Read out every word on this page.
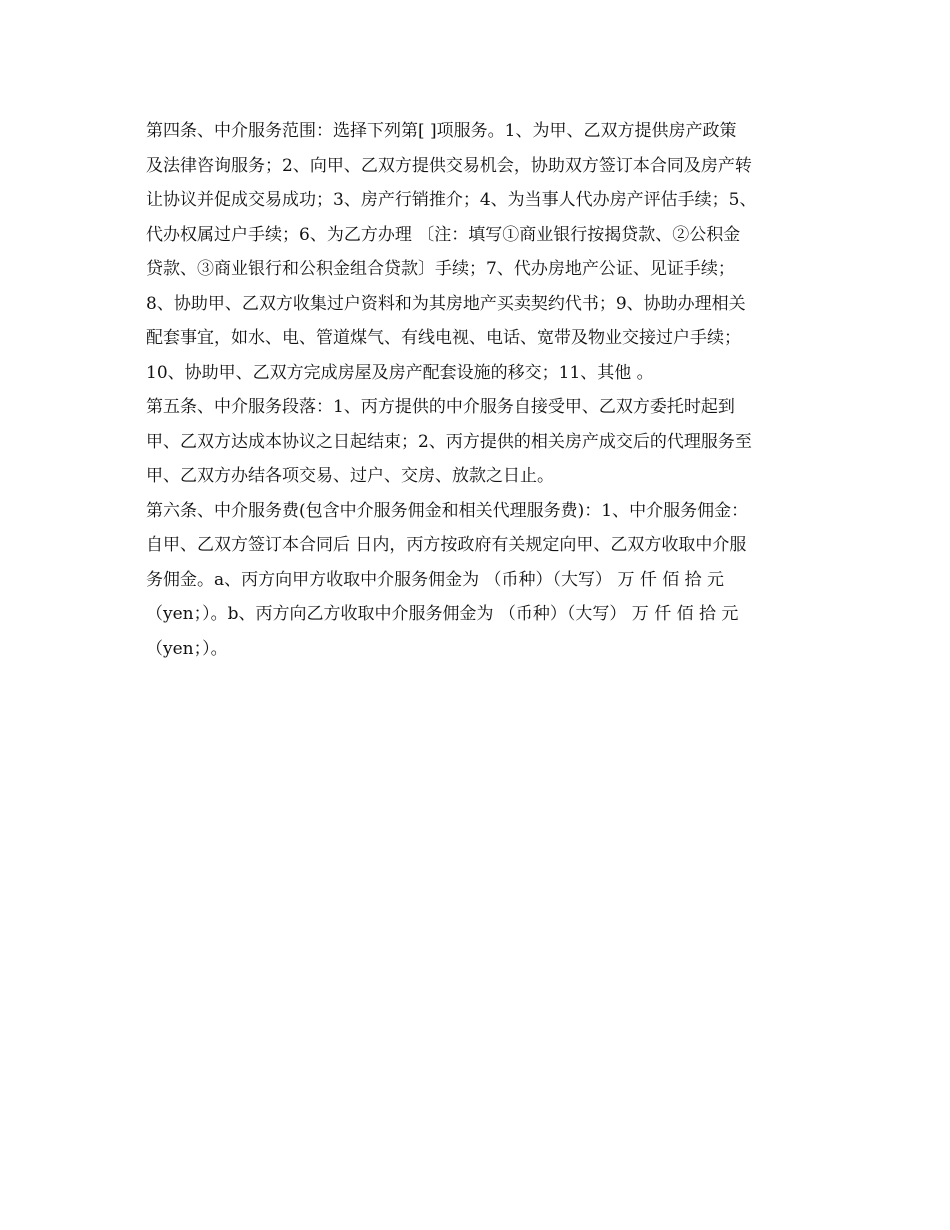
第四条、中介服务范围：选择下列第[ ]项服务。1、为甲、乙双方提供房产政策
及法律咨询服务；2、向甲、乙双方提供交易机会，协助双方签订本合同及房产转
让协议并促成交易成功；3、房产行销推介；4、为当事人代办房产评估手续；5、
代办权属过户手续；6、为乙方办理 〔注：填写①商业银行按揭贷款、②公积金
贷款、③商业银行和公积金组合贷款〕手续；7、代办房地产公证、见证手续；
8、协助甲、乙双方收集过户资料和为其房地产买卖契约代书；9、协助办理相关
配套事宜，如水、电、管道煤气、有线电视、电话、宽带及物业交接过户手续；
10、协助甲、乙双方完成房屋及房产配套设施的移交；11、其他 。
第五条、中介服务段落：1、丙方提供的中介服务自接受甲、乙双方委托时起到
甲、乙双方达成本协议之日起结束；2、丙方提供的相关房产成交后的代理服务至
甲、乙双方办结各项交易、过户、交房、放款之日止。
第六条、中介服务费(包含中介服务佣金和相关代理服务费)：1、中介服务佣金：
自甲、乙双方签订本合同后 日内，丙方按政府有关规定向甲、乙双方收取中介服
务佣金。a、丙方向甲方收取中介服务佣金为 （币种）（大写） 万 仟 佰 拾 元
（yen；）。b、丙方向乙方收取中介服务佣金为 （币种）（大写） 万 仟 佰 拾 元
（yen；）。
